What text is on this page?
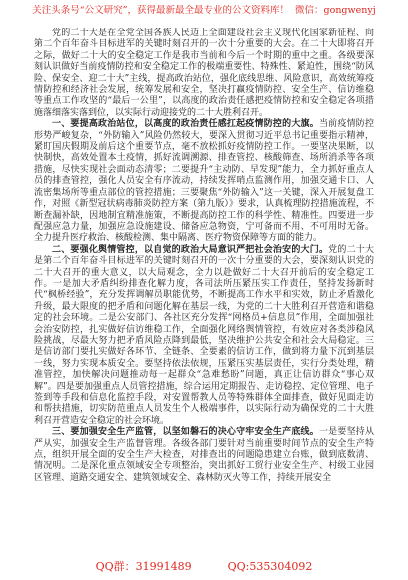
关注头条号“公文研究”，获得最新最全最专业的公文资料库！ 微信：gongwenyj

党的二十大是在全党全国各族人民迈上全面建设社会主义现代化国家新征程、向第二个百年奋斗目标进军的关键时刻召开的一次十分重要的大会。在二十大即将召开之际，做好二十大的安全稳定工作是我市当前和今后一个时期的重中之重。各级要深刻认识做好当前疫情防控和安全稳定工作的极端重要性、特殊性、紧迫性，围绕“防风险、保安全、迎二十大”主线，提高政治站位，强化底线思维、风险意识，高效统筹疫情防控和经济社会发展，统筹发展和安全，坚决打赢疫情防控、安全生产、信访维稳等重点工作攻坚的“最后一公里”，以高度的政治责任感把疫情防控和安全稳定各项措施落细落实落到位，以实际行动迎接党的二十大胜利召开。

一、要提高政治站位，以高度的政治责任感扛起疫情防控的大旗。当前疫情防控形势严峻复杂，“外防输入”风险仍然较大，要深入贯彻习近平总书记重要指示精神，紧盯国庆假期及前后这个重要节点，毫不放松抓好疫情防控工作。一要坚决果断，以快制快，高效处置本土疫情，抓好流调溯源、排查管控、核酸筛查、场所消杀等各项措施，尽快实现社会面动态清零；二要提升“主动防、早发现”能力，全力抓好重点人员的排查管控，强化人员安全有序流动，持续发挥哨点监测作用，加强交通卡口、人流密集场所等重点部位的管控措施；三要聚焦“外防输入”这一关键，深入开展复盘工作，对照《新型冠状病毒肺炎防控方案（第九版）》要求，认真梳理防控措施流程，不断查漏补缺，因地制宜精准施策，不断提高防控工作的科学性、精准性。四要进一步配强应急力量，加强应急设施建设、储备应急物资，宁可备而不用、不可用时无备。全力提升医疗救治、核酸检测、集中隔离、医疗物资保障等方面的能力。

二、要强化舆情管控，以自觉的政治大局意识严把社会治安的大门。党的二十大是第二个百年奋斗目标进军的关键时刻召开的一次十分重要的大会，要深刻认识党的二十大召开的重大意义，以大局观念，全力以赴做好二十大召开前后的安全稳定工作。一是加大矛盾纠纷排查化解力度，各司法所压紧压实工作责任，坚持发扬新时代“枫桥经验”，充分发挥调解员职能优势，不断提高工作水平和实效，防止矛盾激化升级，最大限度的把矛盾和问题化解在基层一线，为党的二十大胜利召开营造和谐稳定的社会环境。二是公安部门、各社区充分发挥“网格员+信息员”作用，全面加强社会治安防控，扎实做好信访维稳工作，全面强化网络舆情管控，有效应对各类涉稳风险挑战，尽最大努力把矛盾风险点降到最低，坚决维护公共安全和社会大局稳定。三是信访部门要扎实做好各环节、全链条、全要素的信访工作，做到将力量下沉到基层一线，努力实现本质安全。要坚持依法依规，压紧压实基层责任，实行分类处理，精准管控，加快解决问题推动每一起群众“急难愁盼”问题，真正让信访群众“事心双解”。四是要加强重点人员管控措施，综合运用定期报告、走访稳控、定位管理、电子签到等手段和信息化监控手段，对安置帮教人员等特殊群体全面排查，做好见面走访和帮扶措施，切实防范重点人员发生个人极端事件，以实际行动为确保党的二十大胜利召开营造安全稳定的社会环境。

三、要加强安全生产监管，以坚如磐石的决心守牢安全生产底线。一是要坚持从严从实，加强安全生产监督管理。各级各部门要针对当前重要时间节点的安全生产特点，组织开展全面的安全生产大检查，对排查出的问题隐患建立台账，做到底数清、情况明。二是深化重点领域安全专项整治，突出抓好工贸行业安全生产、村级工业园区管理、道路交通安全、建筑领域安全、森林防灭火等工作，持续开展安全

QQ群：31991489	QQ:535304092
